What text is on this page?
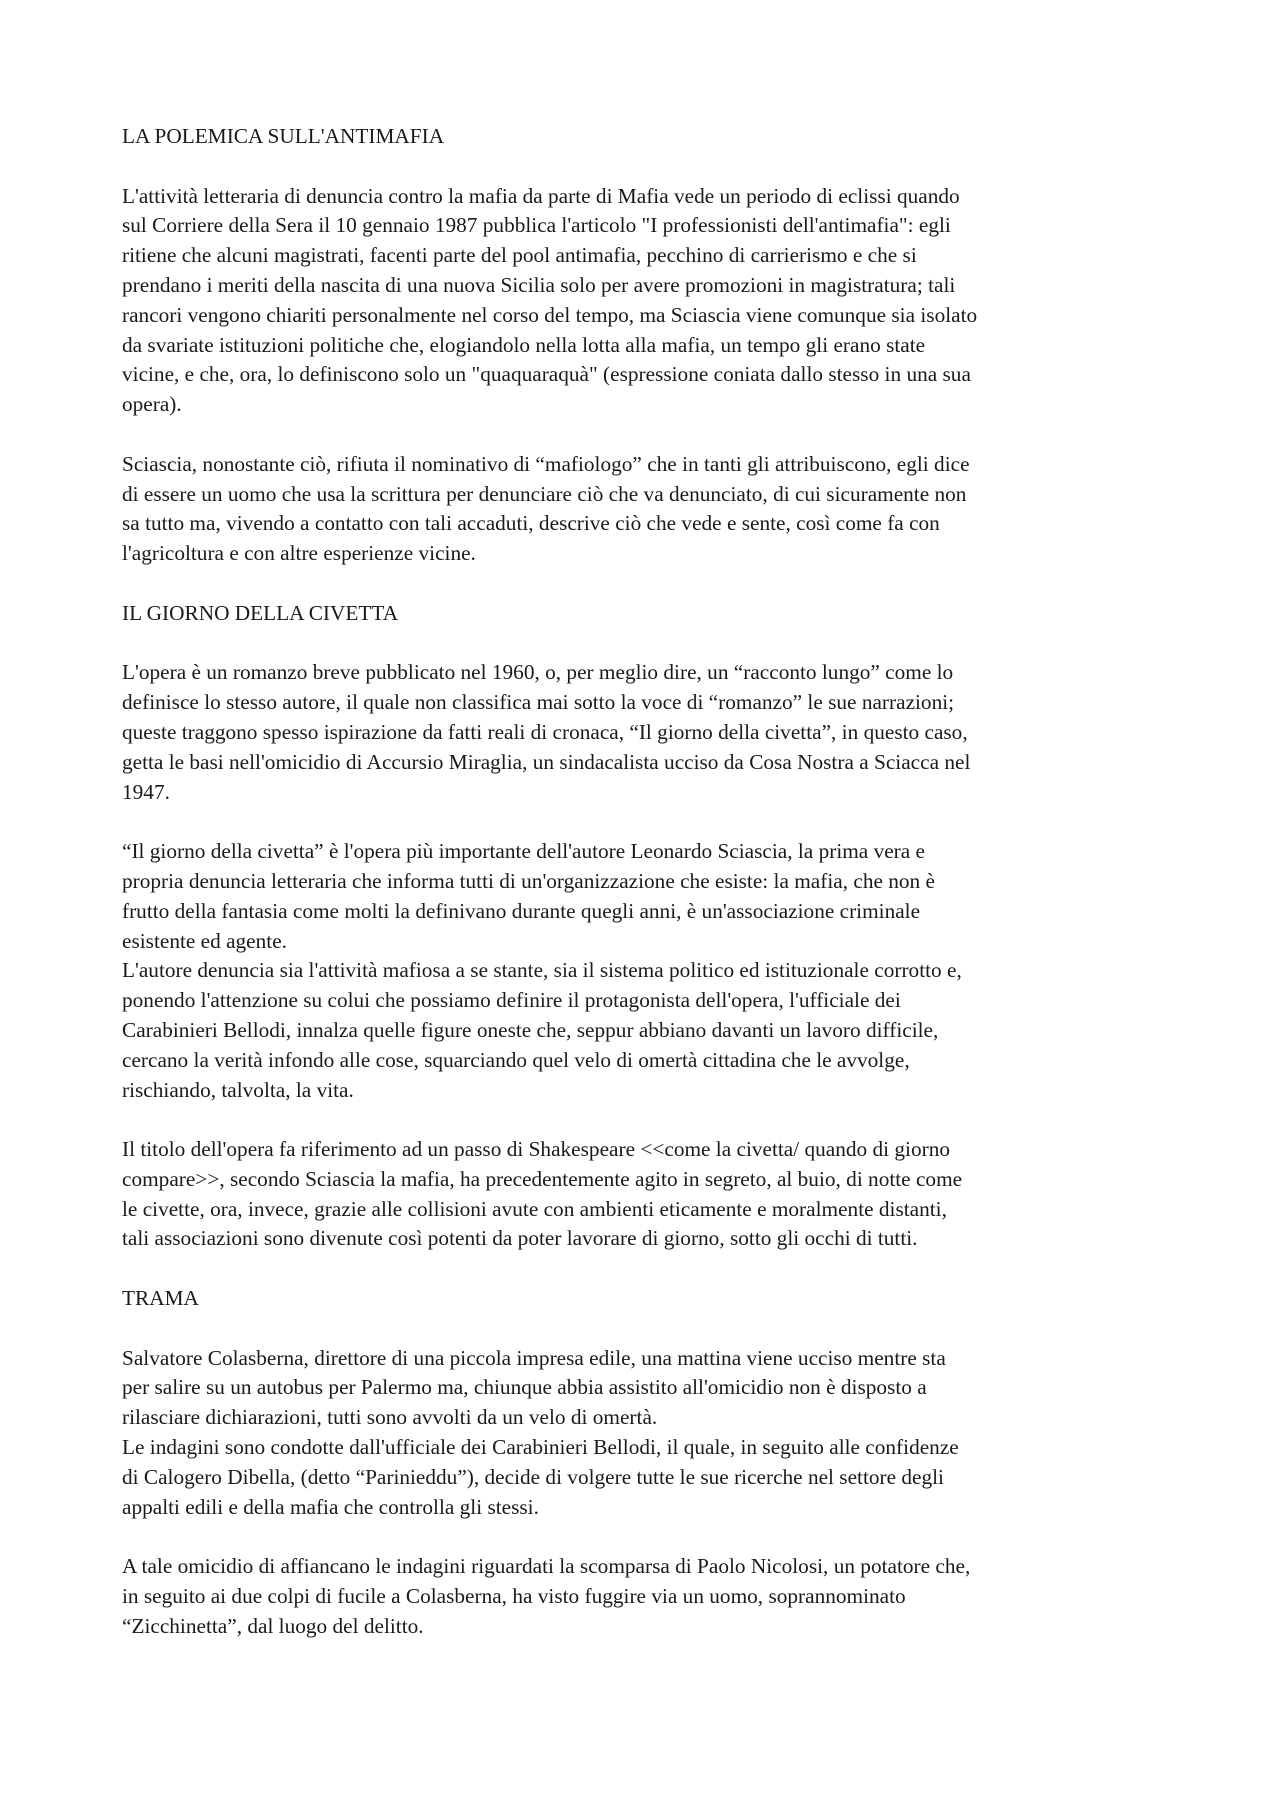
LA POLEMICA SULL'ANTIMAFIA

L'attività letteraria di denuncia contro la mafia da parte di Mafia vede un periodo di eclissi quando
sul Corriere della Sera il 10 gennaio 1987 pubblica l'articolo "I professionisti dell'antimafia": egli
ritiene che alcuni magistrati, facenti parte del pool antimafia, pecchino di carrierismo e che si
prendano i meriti della nascita di una nuova Sicilia solo per avere promozioni in magistratura; tali
rancori vengono chiariti personalmente nel corso del tempo, ma Sciascia viene comunque sia isolato
da svariate istituzioni politiche che, elogiandolo nella lotta alla mafia, un tempo gli erano state
vicine, e che, ora, lo definiscono solo un "quaquaraquà" (espressione coniata dallo stesso in una sua
opera).

Sciascia, nonostante ciò, rifiuta il nominativo di “mafiologo” che in tanti gli attribuiscono, egli dice
di essere un uomo che usa la scrittura per denunciare ciò che va denunciato, di cui sicuramente non
sa tutto ma, vivendo a contatto con tali accaduti, descrive ciò che vede e sente, così come fa con
l'agricoltura e con altre esperienze vicine.

IL GIORNO DELLA CIVETTA

L'opera è un romanzo breve pubblicato nel 1960, o, per meglio dire, un “racconto lungo” come lo
definisce lo stesso autore, il quale non classifica mai sotto la voce di “romanzo” le sue narrazioni;
queste traggono spesso ispirazione da fatti reali di cronaca, “Il giorno della civetta”, in questo caso,
getta le basi nell'omicidio di Accursio Miraglia, un sindacalista ucciso da Cosa Nostra a Sciacca nel
1947.

“Il giorno della civetta” è l'opera più importante dell'autore Leonardo Sciascia, la prima vera e
propria denuncia letteraria che informa tutti di un'organizzazione che esiste: la mafia, che non è
frutto della fantasia come molti la definivano durante quegli anni, è un'associazione criminale
esistente ed agente.
L'autore denuncia sia l'attività mafiosa a se stante, sia il sistema politico ed istituzionale corrotto e,
ponendo l'attenzione su colui che possiamo definire il protagonista dell'opera, l'ufficiale dei
Carabinieri Bellodi, innalza quelle figure oneste che, seppur abbiano davanti un lavoro difficile,
cercano la verità infondo alle cose, squarciando quel velo di omertà cittadina che le avvolge,
rischiando, talvolta, la vita.

Il titolo dell'opera fa riferimento ad un passo di Shakespeare <<come la civetta/ quando di giorno
compare>>, secondo Sciascia la mafia, ha precedentemente agito in segreto, al buio, di notte come
le civette, ora, invece, grazie alle collisioni avute con ambienti eticamente e moralmente distanti,
tali associazioni sono divenute così potenti da poter lavorare di giorno, sotto gli occhi di tutti.

TRAMA

Salvatore Colasberna, direttore di una piccola impresa edile, una mattina viene ucciso mentre sta
per salire su un autobus per Palermo ma, chiunque abbia assistito all'omicidio non è disposto a
rilasciare dichiarazioni, tutti sono avvolti da un velo di omertà.
Le indagini sono condotte dall'ufficiale dei Carabinieri Bellodi, il quale, in seguito alle confidenze
di Calogero Dibella, (detto “Parinieddu”), decide di volgere tutte le sue ricerche nel settore degli
appalti edili e della mafia che controlla gli stessi.

A tale omicidio di affiancano le indagini riguardati la scomparsa di Paolo Nicolosi, un potatore che,
in seguito ai due colpi di fucile a Colasberna, ha visto fuggire via un uomo, soprannominato
“Zicchinetta”, dal luogo del delitto.
